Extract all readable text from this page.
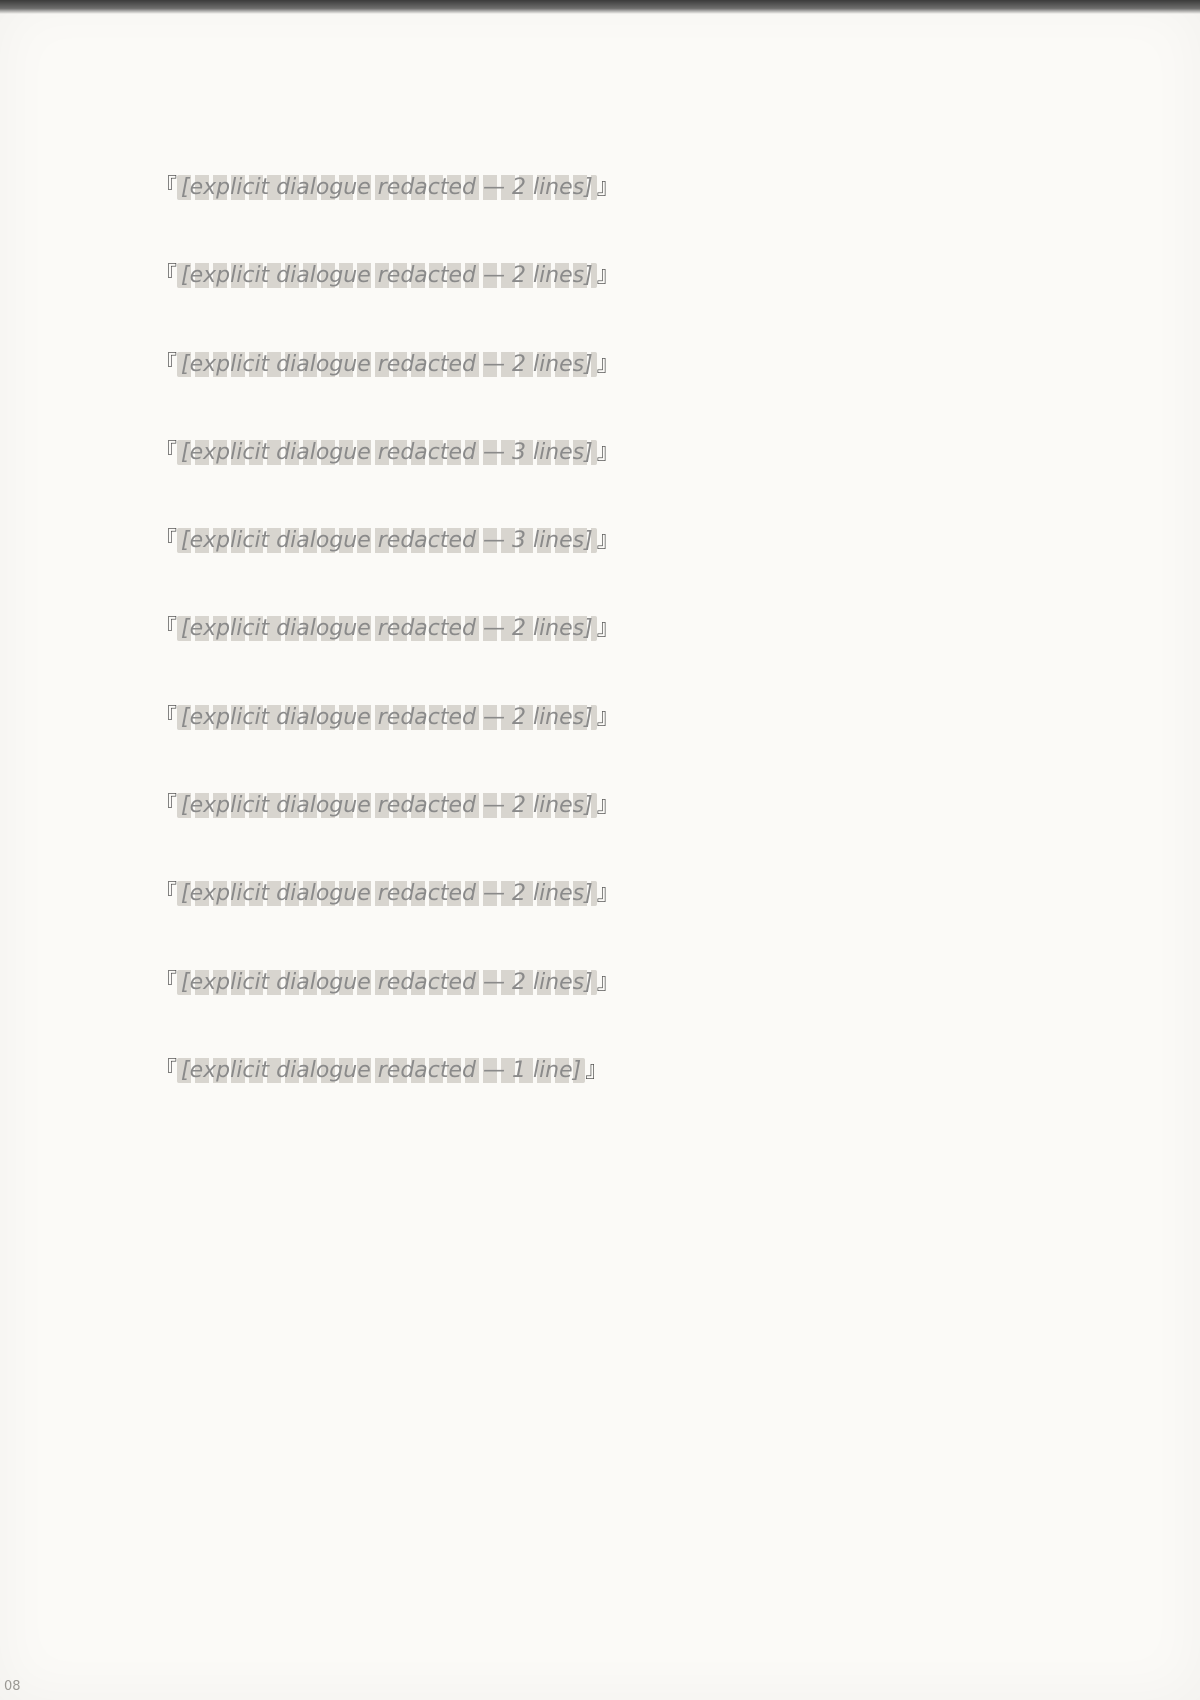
『 [explicit dialogue redacted — 2 lines] 』
『 [explicit dialogue redacted — 2 lines] 』
『 [explicit dialogue redacted — 2 lines] 』
『 [explicit dialogue redacted — 3 lines] 』
『 [explicit dialogue redacted — 3 lines] 』
『 [explicit dialogue redacted — 2 lines] 』
『 [explicit dialogue redacted — 2 lines] 』
『 [explicit dialogue redacted — 2 lines] 』
『 [explicit dialogue redacted — 2 lines] 』
『 [explicit dialogue redacted — 2 lines] 』
『 [explicit dialogue redacted — 1 line] 』
08
